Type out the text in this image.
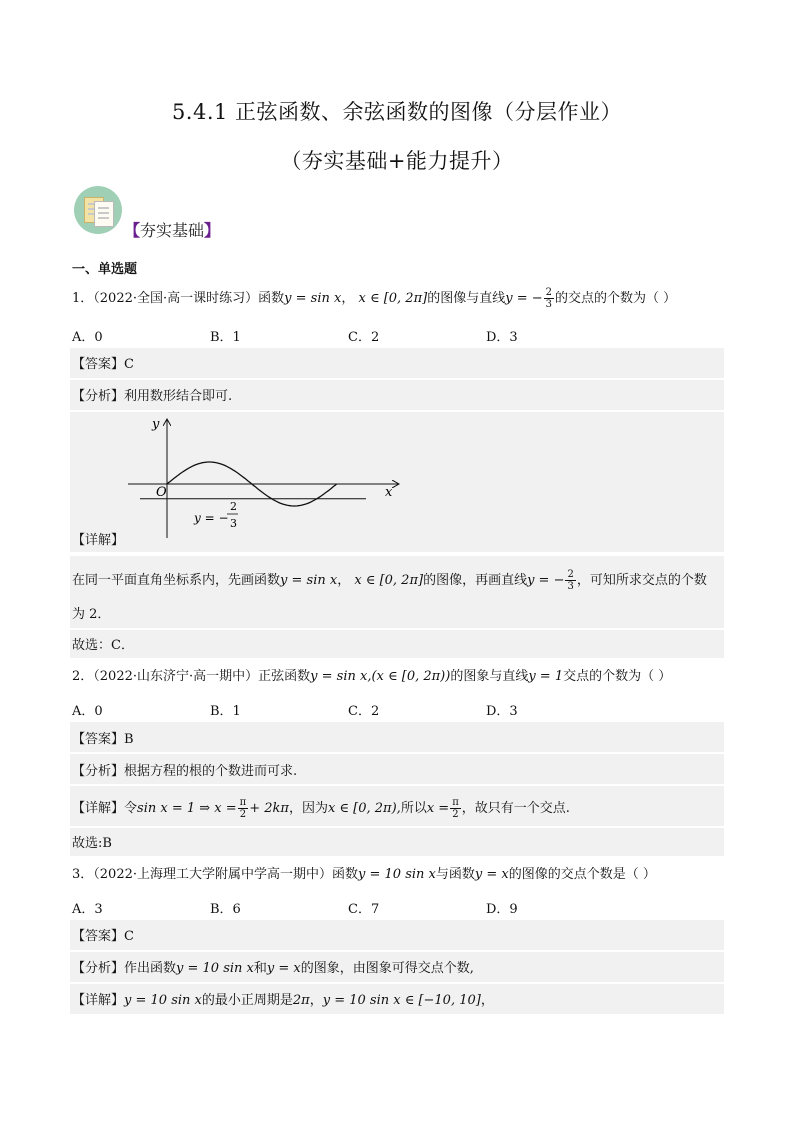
5.4.1 正弦函数、余弦函数的图像（分层作业）
（夯实基础+能力提升）
【夯实基础】
一、单选题
1．（2022·全国·高一课时练习）函数y = sin x， x ∈ [0, 2π]的图像与直线y = − $\frac{2}{3}$ 的交点的个数为（ ）
A．0	B．1	C．2	D．3
【答案】C
【分析】利用数形结合即可.
y
x
O
y = −
2
3
【详解】
在同一平面直角坐标系内，先画函数y = sin x， x ∈ [0, 2π]的图像，再画直线y = − $\frac{2}{3}$ ，可知所求交点的个数
为 2．
故选：C．
2．（2022·山东济宁·高一期中）正弦函数y = sin x,(x ∈ [0, 2π))的图象与直线y = 1交点的个数为（ ）
A．0	B．1	C．2	D．3
【答案】B
【分析】根据方程的根的个数进而可求.
【详解】令sin x = 1 ⇒ $x = \frac{\pi}{2} + 2k\pi$，因为x ∈ [0, 2π),所以$x = \frac{\pi}{2}$ ，故只有一个交点.
故选:B
3．（2022·上海理工大学附属中学高一期中）函数y = 10 sin x与函数y = x的图像的交点个数是（ ）
A．3	B．6	C．7	D．9
【答案】C
【分析】作出函数y = 10 sin x和y = x的图象，由图象可得交点个数,
【详解】y = 10 sin x的最小正周期是2π，y = 10 sin x ∈ [−10, 10]，
